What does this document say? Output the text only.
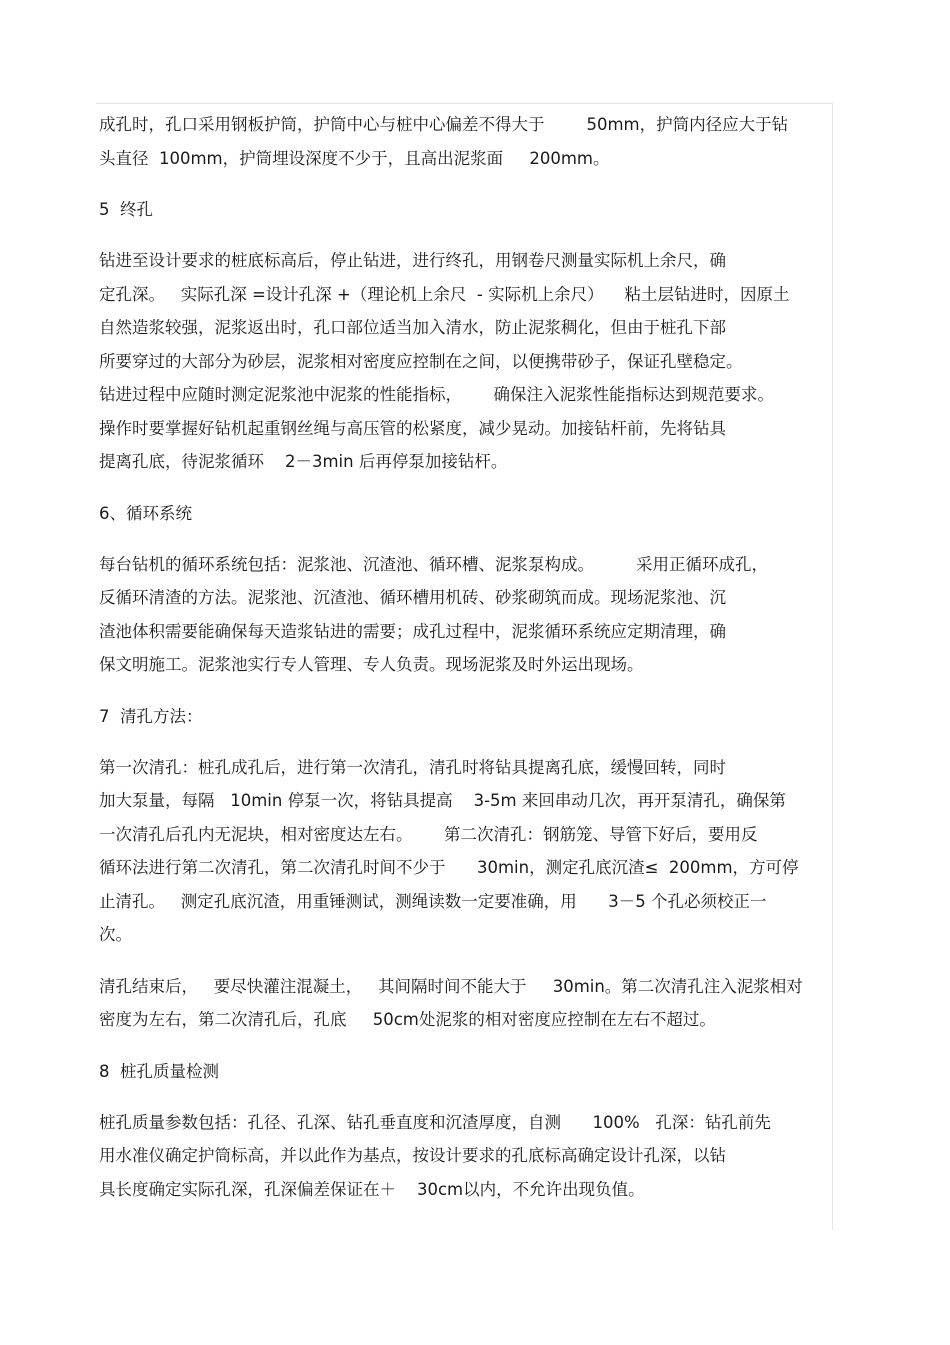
成孔时，孔口采用钢板护筒，护筒中心与桩中心偏差不得大于        50mm，护筒内径应大于钻
头直径  100mm，护筒埋设深度不少于，且高出泥浆面     200mm。
5  终孔
钻进至设计要求的桩底标高后，停止钻进，进行终孔，用钢卷尺测量实际机上余尺，确
定孔深。   实际孔深 =设计孔深 +（理论机上余尺  - 实际机上余尺）    粘土层钻进时，因原土
自然造浆较强，泥浆返出时，孔口部位适当加入清水，防止泥浆稠化，但由于桩孔下部
所要穿过的大部分为砂层，泥浆相对密度应控制在之间，以便携带砂子，保证孔壁稳定。
钻进过程中应随时测定泥浆池中泥浆的性能指标，      确保注入泥浆性能指标达到规范要求。
操作时要掌握好钻机起重钢丝绳与高压管的松紧度，减少晃动。加接钻杆前，先将钻具
提离孔底，待泥浆循环    2－3min 后再停泵加接钻杆。
6、循环系统
每台钻机的循环系统包括：泥浆池、沉渣池、循环槽、泥浆泵构成。        采用正循环成孔，
反循环清渣的方法。泥浆池、沉渣池、循环槽用机砖、砂浆砌筑而成。现场泥浆池、沉
渣池体积需要能确保每天造浆钻进的需要；成孔过程中，泥浆循环系统应定期清理，确
保文明施工。泥浆池实行专人管理、专人负责。现场泥浆及时外运出现场。
7  清孔方法：
第一次清孔：桩孔成孔后，进行第一次清孔，清孔时将钻具提离孔底，缓慢回转，同时
加大泵量，每隔   10min 停泵一次，将钻具提高    3-5m 来回串动几次，再开泵清孔，确保第
一次清孔后孔内无泥块，相对密度达左右。      第二次清孔：钢筋笼、导管下好后，要用反
循环法进行第二次清孔，第二次清孔时间不少于      30min，测定孔底沉渣≤  200mm，方可停
止清孔。   测定孔底沉渣，用重锤测试，测绳读数一定要准确，用      3－5 个孔必须校正一
次。
清孔结束后，   要尽快灌注混凝土，   其间隔时间不能大于     30min。第二次清孔注入泥浆相对
密度为左右，第二次清孔后，孔底     50cm处泥浆的相对密度应控制在左右不超过。
8  桩孔质量检测
桩孔质量参数包括：孔径、孔深、钻孔垂直度和沉渣厚度，自测      100%   孔深：钻孔前先
用水准仪确定护筒标高，并以此作为基点，按设计要求的孔底标高确定设计孔深，以钻
具长度确定实际孔深，孔深偏差保证在＋    30cm以内，不允许出现负值。
